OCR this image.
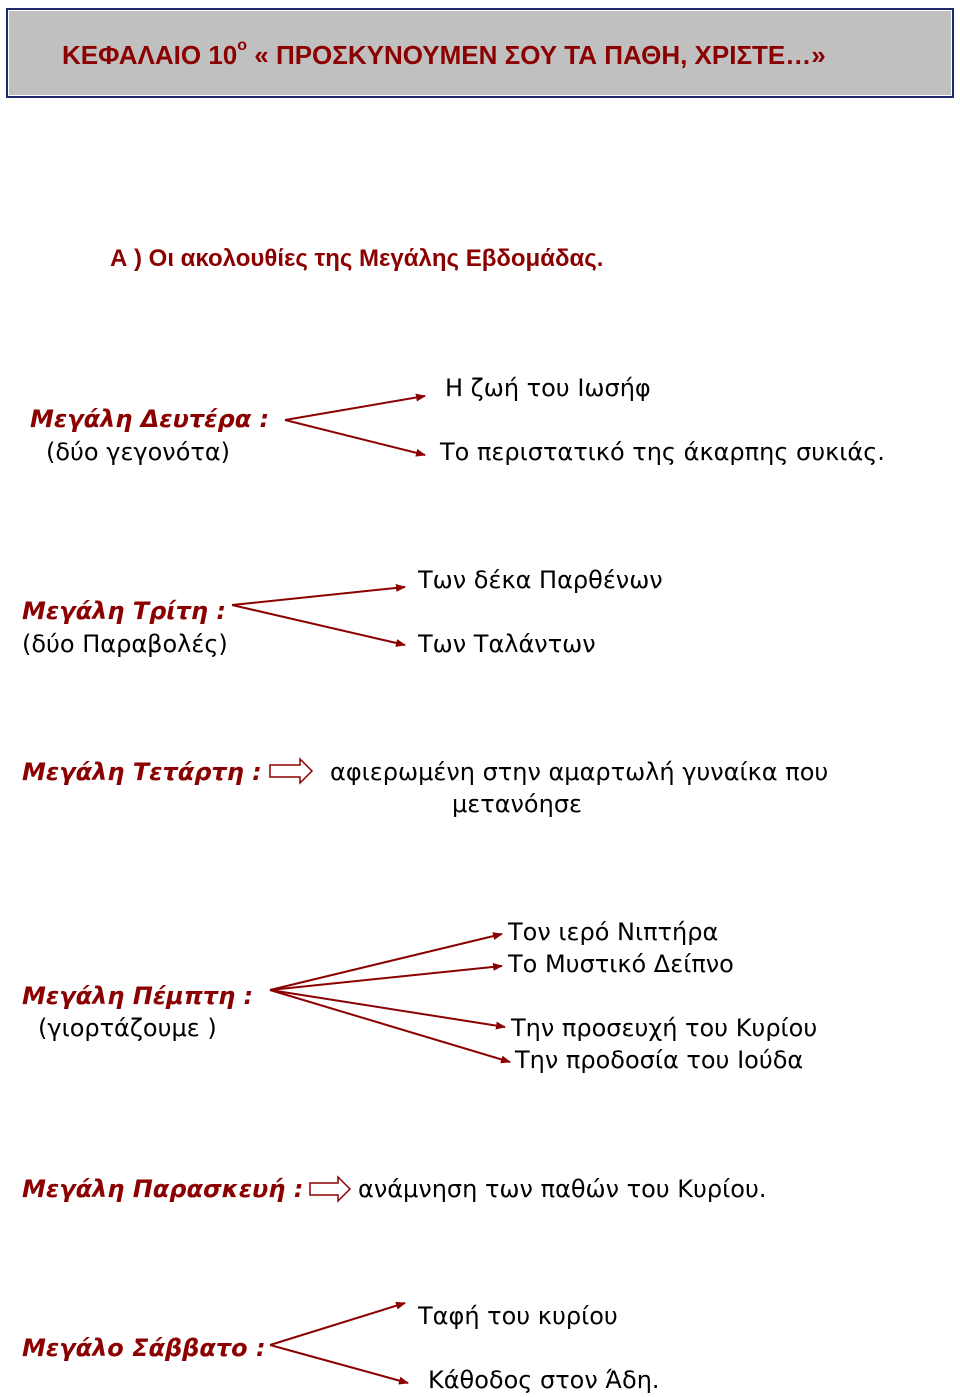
ΚΕΦΑΛΑΙΟ $10^o$ « ΠΡΟΣΚΥΝΟΥΜΕΝ ΣΟΥ ΤΑ ΠΑΘΗ, ΧΡΙΣΤΕ…»
Α ) Οι ακολουθίες της Μεγάλης Εβδομάδας.
Μεγάλη Δευτέρα :
(δύο γεγονότα)
Η ζωή του Ιωσήφ
Το περιστατικό της άκαρπης συκιάς.
Μεγάλη Τρίτη :
(δύο Παραβολές)
Των δέκα Παρθένων
Των Ταλάντων
Μεγάλη Τετάρτη :	αφιερωμένη στην αμαρτωλή γυναίκα που
μετανόησε
Μεγάλη Πέμπτη :
(γιορτάζουμε )
Τον ιερό Νιπτήρα
Το Μυστικό Δείπνο
Την προσευχή του Κυρίου
Την προδοσία του Ιούδα
Μεγάλη Παρασκευή : ανάμνηση των παθών του Κυρίου.
Μεγάλο Σάββατο :
Ταφή του κυρίου
Κάθοδος στον Άδη.
